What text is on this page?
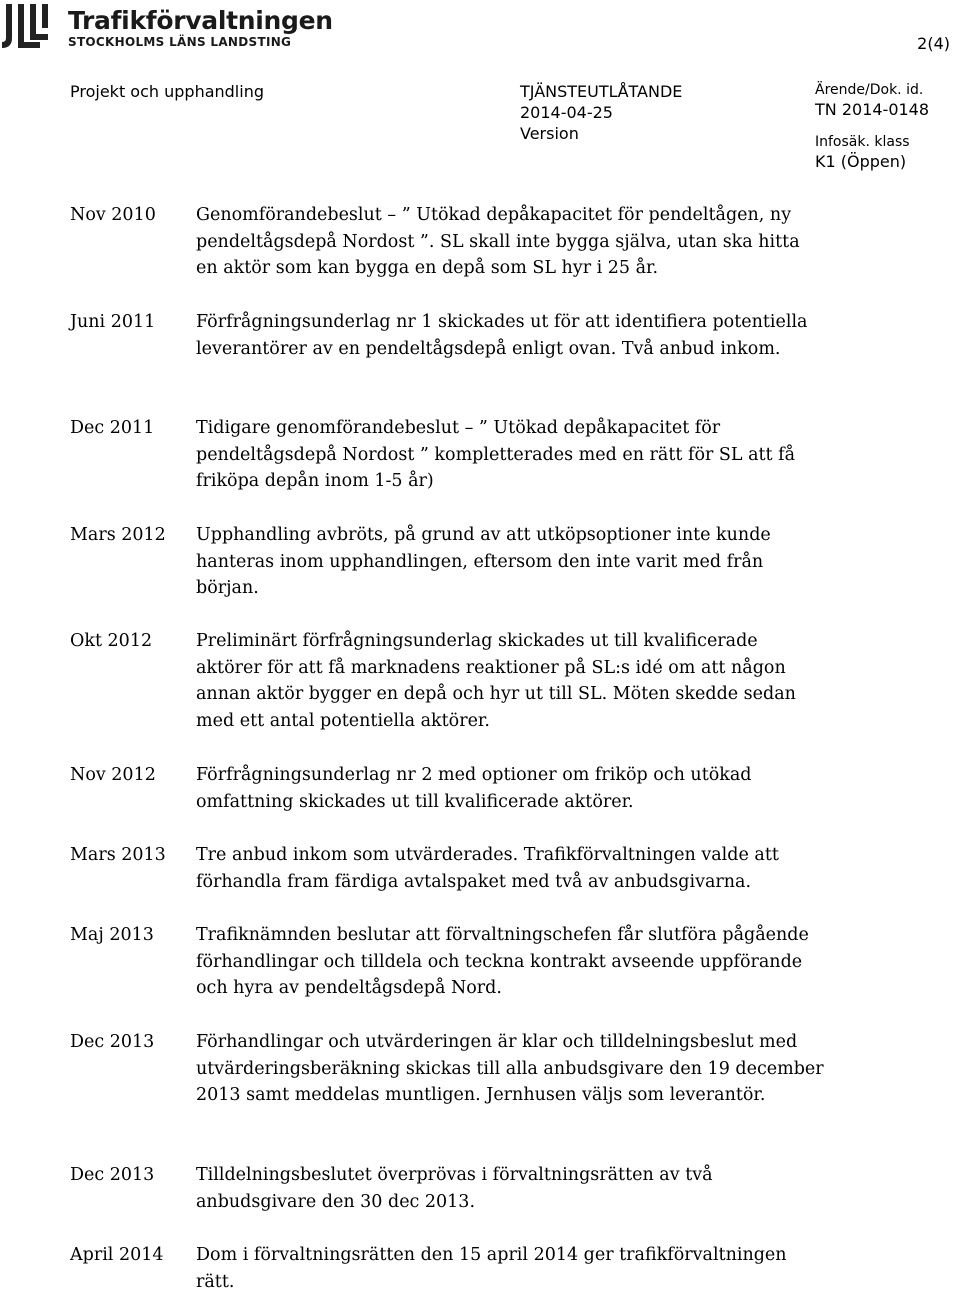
Trafikförvaltningen
STOCKHOLMS LÄNS LANDSTING	2(4)
Projekt och upphandling	TJÄNSTEUTLÅTANDE
2014-04-25
Version
Ärende/Dok. id.
TN 2014-0148
Infosäk. klass
K1 (Öppen)
Nov 2010 Genomförandebeslut – ” Utökad depåkapacitet för pendeltågen, ny pendeltågsdepå Nordost ”. SL skall inte bygga själva, utan ska hitta en aktör som kan bygga en depå som SL hyr i 25 år.
Juni 2011 Förfrågningsunderlag nr 1 skickades ut för att identifiera potentiella leverantörer av en pendeltågsdepå enligt ovan. Två anbud inkom.
Dec 2011 Tidigare genomförandebeslut – ” Utökad depåkapacitet för pendeltågsdepå Nordost ” kompletterades med en rätt för SL att få friköpa depån inom 1-5 år)
Mars 2012 Upphandling avbröts, på grund av att utköpsoptioner inte kunde hanteras inom upphandlingen, eftersom den inte varit med från början.
Okt 2012	Preliminärt förfrågningsunderlag skickades ut till kvalificerade aktörer för att få marknadens reaktioner på SL:s idé om att någon annan aktör bygger en depå och hyr ut till SL. Möten skedde sedan med ett antal potentiella aktörer.
Nov 2012 Förfrågningsunderlag nr 2 med optioner om friköp och utökad omfattning skickades ut till kvalificerade aktörer.
Mars 2013 Tre anbud inkom som utvärderades. Trafikförvaltningen valde att förhandla fram färdiga avtalspaket med två av anbudsgivarna.
Maj 2013 Trafiknämnden beslutar att förvaltningschefen får slutföra pågående förhandlingar och tilldela och teckna kontrakt avseende uppförande och hyra av pendeltågsdepå Nord.
Dec 2013 Förhandlingar och utvärderingen är klar och tilldelningsbeslut med utvärderingsberäkning skickas till alla anbudsgivare den 19 december 2013 samt meddelas muntligen. Jernhusen väljs som leverantör.
Dec 2013 Tilldelningsbeslutet överprövas i förvaltningsrätten av två anbudsgivare den 30 dec 2013.
April 2014 Dom i förvaltningsrätten den 15 april 2014 ger trafikförvaltningen rätt.
